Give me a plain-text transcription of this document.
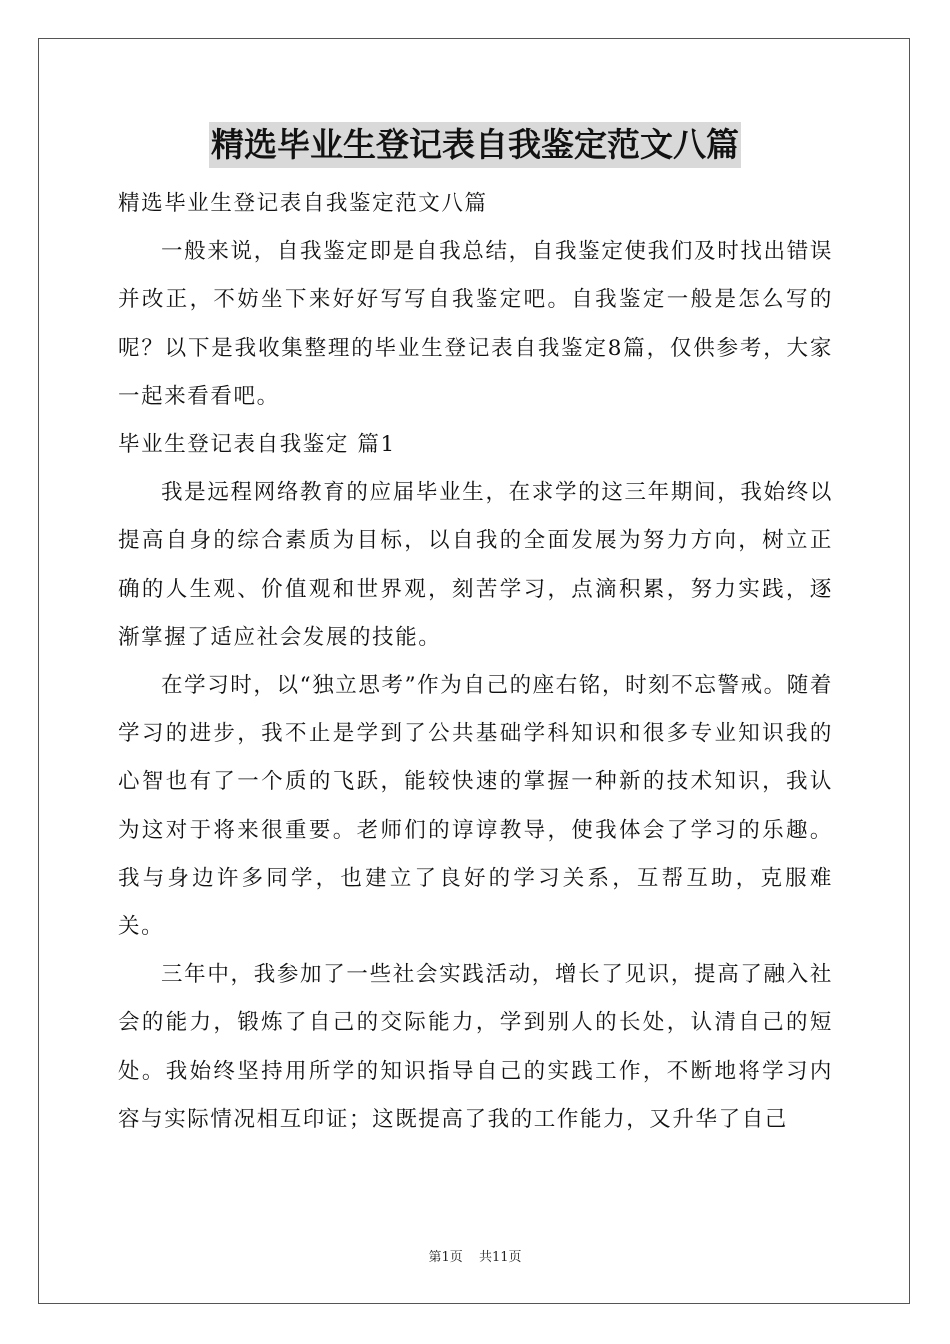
精选毕业生登记表自我鉴定范文八篇

精选毕业生登记表自我鉴定范文八篇

一般来说，自我鉴定即是自我总结，自我鉴定使我们及时找出错误并改正，不妨坐下来好好写写自我鉴定吧。自我鉴定一般是怎么写的呢？以下是我收集整理的毕业生登记表自我鉴定8篇，仅供参考，大家一起来看看吧。

毕业生登记表自我鉴定 篇1

我是远程网络教育的应届毕业生，在求学的这三年期间，我始终以提高自身的综合素质为目标，以自我的全面发展为努力方向，树立正确的人生观、价值观和世界观，刻苦学习，点滴积累，努力实践，逐渐掌握了适应社会发展的技能。

在学习时，以“独立思考”作为自己的座右铭，时刻不忘警戒。随着学习的进步，我不止是学到了公共基础学科知识和很多专业知识我的心智也有了一个质的飞跃，能较快速的掌握一种新的技术知识，我认为这对于将来很重要。老师们的谆谆教导，使我体会了学习的乐趣。我与身边许多同学，也建立了良好的学习关系，互帮互助，克服难关。

三年中，我参加了一些社会实践活动，增长了见识，提高了融入社会的能力，锻炼了自己的交际能力，学到别人的长处，认清自己的短处。我始终坚持用所学的知识指导自己的实践工作，不断地将学习内容与实际情况相互印证；这既提高了我的工作能力，又升华了自己

第1页 共11页
